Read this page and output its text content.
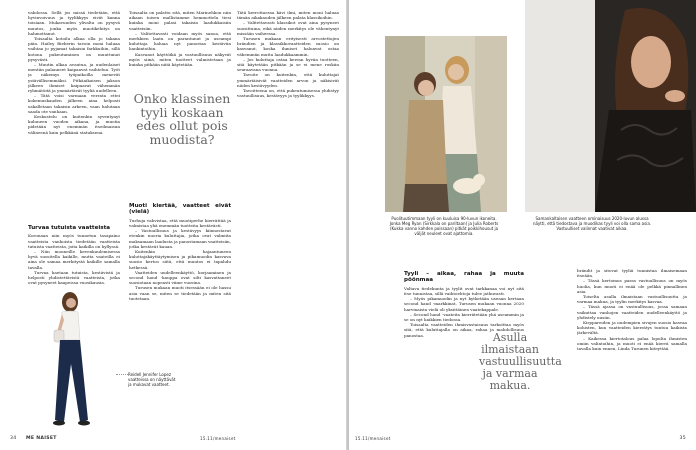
vahdossa. Sellä jos missä tiedetään, että hyvinvoivuus ja tyylikkyys eivät kanna toisiaan. Mukavuuden ylivalta on pysyvä muutos, jonka myös muotikehitys on hahmottanut.

Toisaalta kotoilu alkaa olla jo takana päin. Hailey Bieberin tavoin moni haluaa vaihtaa jo pyjamat takaisin farkkuihin, sillä kotona pukeutuminen on muuttunut pysyvästi.

– Muutin alkaa avautua, ja uudenlaiset mentiin palanneet kaipaavat vaihtelua. Työt ja näkemys työpaikoilla menevät ystävällisemmäksi. Pitkäaikaisen jakson jälkeen ihmiset kaipaavat vähemmän ryhmätöitä ja ymmärtävät tyyliä uudelleen.

– Tätä voisi varmaan verrata ettei kokemuskauden jälkeen aina helposti uskalletaan takaisin arkeen, vaan halutaan saada ote vanhaan.

Keskustelu on kuitenkin syventynyt kuluneen vuoden aikana, ja muotia pidetään nyt enemmän itseilmaisun välineenä kuin pelkkänä statuksena.

Turvaa tutuista vaatteista

Koronaan niin myös tunnetun tasapaino vaatteista vanhoista tiedetään vaatteista tutuista vaatteista, joita kaikilla on hyllyssä.

– Niin mouneille kevenkuulemisessa hyvä suositella kaikille, mutta vaateilla ei aina ole samaa merkitystä kaikille samalla tavalla.

Turvaa haetaan tutuista, kestävistä ja helposti yhdistettävistä vaatteista, jotka ovat pysyneet kaapeissa vuosikausia.

Reidell Jennifer Lopez vaatteissa on näyttävät ja mukavat vaatteet.

Toisaalta on palattu sitä, miten Marinehkon niin aikaan toisen mallistamme hemmottelu tiesi kuinka moni palasi takaisin laadukkaisiin vaatteisiin.

– Valitettavasti voidaan myös sanoa, että merkkien laatu on parantunut ja useampi kuluttaja haluaa nyt panostaa kestäviin hankintoihin.

Kasvanut käyttöikä ja vastuullisuus näkyvät myös siinä, miten tuotteet valmistetaan ja kuinka pitkään niitä käytetään.

Onko klassinen tyyli koskaan edes ollut pois muodista?
Muoti kiertää, vaatteet eivät (vielä)

Turhuja vahvistaa, että muotiperhe kierrättää ja valmistaa yhä enemmän tuotteita kestävästi.

– Vastuullisuus ja kestävyys kiinnostavat etenkin nuoria kuluttajia, jotka ovat valmiita maksamaan laadusta ja panostamaan vaatteisiin, jotka kestävät kauan.

Kuitenkin hajaantuneen kuluttajakäyttäytymisen ja pikamuodin kasvava suosio kertoo siitä, että muutos ei tapahdu hetkessä.

Vaatteiden uudelleenkäyttö, korjaaminen ja second hand -kauppa ovat silti kasvattaneet suosiotaan nopeasti viime vuosina.

Turusen mukaan muoti itsessään ei ole hassu asia vaan se, miten se tiedetään ja miten sitä tuotetaan.

Tätä kerrottaessa kävi ilmi, miten moni haluaa tämän aikakauden jälkeen palata klassikoihin.

– Valitettavasti klassikot ovat aina pysyneet suosittuina, eikä niiden merkitys ole vähentynyt missään vaiheessa.

Turusen mukaan erityisesti arvostettujen brändien ja klassikkovaatteiden suosio on kasvanut, koska ihmiset haluavat ostaa vähemmän mutta laadukkaammin.

– Jos kuluttaja ostaa kerran hyvän tuotteen, sitä käytetään pitkään ja se ei mene roskiin seuraavana vuonna.

Tavoite on kuitenkin, että kuluttajat ymmärtäisivät vaatteiden arvon ja näkisivät niiden kestävyyden.

Tavoitteena on, että pukeutumisessa yhdistyy vastuullisuus, kestävyys ja tyylikkyys.

34 ME NAISET	15.11/menaiset
Puolituutimmaan tyyli on kuuluisa 90-luvun ikoneita. Jonka Meg Ryan (Sirkkala on pariltaan) ja Julia Roberts (Kukka vanno kahden poissaan) pitkät poikkihousut ja väljät neuleet ovat ajattomia.
Samankaltaisen vaatteen ominaisuus 2020-luvun alussa näytti, että tiedostava ja muodikas tyyli voi olla sama asia. Vastuulliset valinnat vaativat aikaa.
Tyyli – aikaa, rahaa ja muuta pöönmaa

Valtava tiedekunta ja tyylit ovat tarkkanaa voi nyt sitä itse tunnistaa, sillä vaihtoehtoja tulee jatkuvasti.

– Myös pikamuodin ja nyt kytketään useaan kertaan second hand -markkinat, Turusen mukaan vuonna 2020 harvinaista vielä oli yksittäinen vaatekappale.

– Second hand -vaateita kierrätetään yhä useammin ja se on nyt kaikkien tiedossa.

Toisaalta vaatteiden ihmisvastaisuus tarkoittaa myös sitä, että kuluttajalla on aikaa, rahaa ja mahdollisuus panostaa.	Asulla ilmaistaan vastuullisuutta ja varmaa makua.

brändit ja sitovat tyyliä tunnistaa ilmaisemaan itseään.

– Tässä kertomus paras vastuullisuus on myös huolia, kun muoti ei enää ole pelkkä pinnallinen asia.

Toiselta asulla ilmaistaan vastuullisuutta ja varmaa makua, ja tyylin merkitys kasvaa.

– Tässä ajassa on vastuullisuus, jossa samaan vaikuttaa vanhojen vaatteiden uudelleenkäyttö ja yhdistely uusiin.

Kirppareiden ja uudempien sivujen suosio kasvaa kohisten, kun vaatteiden kierrätys tuntuu kaikista järkevältä.

– Kaikessa kiertotalous palaa lopulta ihmisten omiin valintoihin, ja muoti ei enää kierrä samalla tavalla kuin ennen, Linda Turunen kiteyttää.

15.11/menaiset	35
